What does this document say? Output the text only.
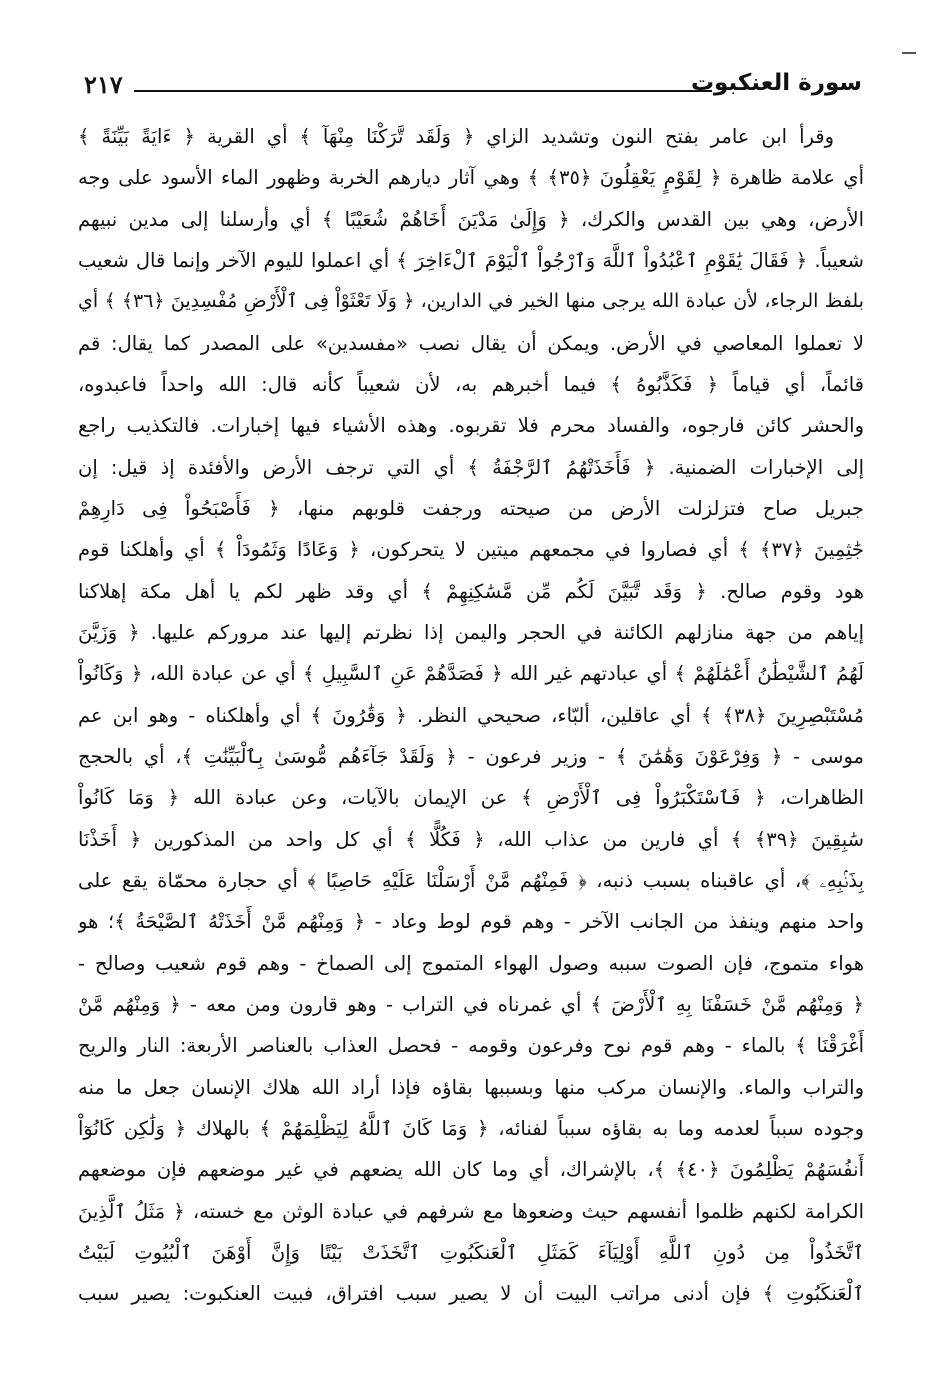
٢١٧	سورة العنكبوت
وقرأ ابن عامر بفتح النون وتشديد الزاي ﴿ وَلَقَد تَّرَكْنَا مِنْهَآ ﴾ أي القرية ﴿ ءَايَةً بَيِّنَةً ﴾
أي علامة ظاهرة ﴿ لِقَوْمٍ يَعْقِلُونَ ﴿٣٥﴾ ﴾ وهي آثار ديارهم الخربة وظهور الماء الأسود على وجه
الأرض، وهي بين القدس والكرك، ﴿ وَإِلَىٰ مَدْيَنَ أَخَاهُمْ شُعَيْبًا ﴾ أي وأرسلنا إلى مدين نبيهم
شعيباً. ﴿ فَقَالَ يَٰقَوْمِ ٱعْبُدُواْ ٱللَّهَ وَٱرْجُواْ ٱلْيَوْمَ ٱلْءَاخِرَ ﴾ أي اعملوا لليوم الآخر وإنما قال شعيب
بلفظ الرجاء، لأن عبادة الله يرجى منها الخير في الدارين، ﴿ وَلَا تَعْثَوْاْ فِى ٱلْأَرْضِ مُفْسِدِينَ ﴿٣٦﴾ ﴾ أي
لا تعملوا المعاصي في الأرض. ويمكن أن يقال نصب «مفسدين» على المصدر كما يقال: قم
قائماً، أي قياماً ﴿ فَكَذَّبُوهُ ﴾ فيما أخبرهم به، لأن شعيباً كأنه قال: الله واحداً فاعبدوه،
والحشر كائن فارجوه، والفساد محرم فلا تقربوه. وهذه الأشياء فيها إخبارات. فالتكذيب راجع
إلى الإخبارات الضمنية. ﴿ فَأَخَذَتْهُمُ ٱلرَّجْفَةُ ﴾ أي التي ترجف الأرض والأفئدة إذ قيل: إن
جبريل صاح فتزلزلت الأرض من صيحته ورجفت قلوبهم منها، ﴿ فَأَصْبَحُواْ فِى دَارِهِمْ
جَٰثِمِينَ ﴿٣٧﴾ ﴾ أي فصاروا في مجمعهم ميتين لا يتحركون، ﴿ وَعَادًا وَثَمُودَاْ ﴾ أي وأهلكنا قوم
هود وقوم صالح. ﴿ وَقَد تَّبَيَّنَ لَكُم مِّن مَّسَٰكِنِهِمْ ﴾ أي وقد ظهر لكم يا أهل مكة إهلاكنا
إياهم من جهة منازلهم الكائنة في الحجر واليمن إذا نظرتم إليها عند مروركم عليها. ﴿ وَزَيَّنَ
لَهُمُ ٱلشَّيْطَٰنُ أَعْمَٰلَهُمْ ﴾ أي عبادتهم غير الله ﴿ فَصَدَّهُمْ عَنِ ٱلسَّبِيلِ ﴾ أي عن عبادة الله، ﴿ وَكَانُواْ
مُسْتَبْصِرِينَ ﴿٣٨﴾ ﴾ أي عاقلين، ألبّاء، صحيحي النظر. ﴿ وَقَٰرُونَ ﴾ أي وأهلكناه - وهو ابن عم
موسى - ﴿ وَفِرْعَوْنَ وَهَٰمَٰنَ ﴾ - وزير فرعون - ﴿ وَلَقَدْ جَآءَهُم مُّوسَىٰ بِٱلْبَيِّنَٰتِ ﴾، أي بالحجج
الظاهرات، ﴿ فَٱسْتَكْبَرُواْ فِى ٱلْأَرْضِ ﴾ عن الإيمان بالآيات، وعن عبادة الله ﴿ وَمَا كَانُواْ
سَٰبِقِينَ ﴿٣٩﴾ ﴾ أي فارين من عذاب الله، ﴿ فَكُلًّا ﴾ أي كل واحد من المذكورين ﴿ أَخَذْنَا
بِذَنۢبِهِۦ ﴾، أي عاقبناه بسبب ذنبه، ﴿ فَمِنْهُم مَّنْ أَرْسَلْنَا عَلَيْهِ حَاصِبًا ﴾ أي حجارة محمّاة يقع على
واحد منهم وينفذ من الجانب الآخر - وهم قوم لوط وعاد - ﴿ وَمِنْهُم مَّنْ أَخَذَتْهُ ٱلصَّيْحَةُ ﴾؛ هو
هواء متموج، فإن الصوت سببه وصول الهواء المتموج إلى الصماخ - وهم قوم شعيب وصالح -
﴿ وَمِنْهُم مَّنْ خَسَفْنَا بِهِ ٱلْأَرْضَ ﴾ أي غمرناه في التراب - وهو قارون ومن معه - ﴿ وَمِنْهُم مَّنْ
أَغْرَقْنَا ﴾ بالماء - وهم قوم نوح وفرعون وقومه - فحصل العذاب بالعناصر الأربعة: النار والريح
والتراب والماء. والإنسان مركب منها وبسببها بقاؤه فإذا أراد الله هلاك الإنسان جعل ما منه
وجوده سبباً لعدمه وما به بقاؤه سبباً لفنائه، ﴿ وَمَا كَانَ ٱللَّهُ لِيَظْلِمَهُمْ ﴾ بالهلاك ﴿ وَلَٰكِن كَانُوٓاْ
أَنفُسَهُمْ يَظْلِمُونَ ﴿٤٠﴾ ﴾، بالإشراك، أي وما كان الله يضعهم في غير موضعهم فإن موضعهم
الكرامة لكنهم ظلموا أنفسهم حيث وضعوها مع شرفهم في عبادة الوثن مع خسته، ﴿ مَثَلُ ٱلَّذِينَ
ٱتَّخَذُواْ مِن دُونِ ٱللَّهِ أَوْلِيَآءَ كَمَثَلِ ٱلْعَنكَبُوتِ ٱتَّخَذَتْ بَيْتًا وَإِنَّ أَوْهَنَ ٱلْبُيُوتِ لَبَيْتُ
ٱلْعَنكَبُوتِ ﴾ فإن أدنى مراتب البيت أن لا يصير سبب افتراق، فبيت العنكبوت: يصير سبب
